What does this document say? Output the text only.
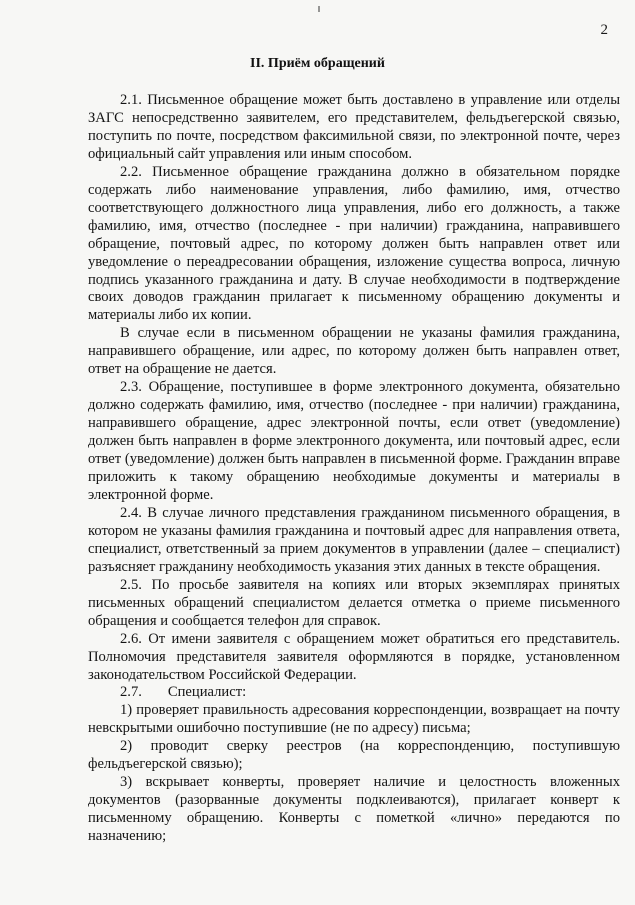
2
II. Приём обращений

2.1. Письменное обращение может быть доставлено в управление или отделы ЗАГС непосредственно заявителем, его представителем, фельдъегерской связью, поступить по почте, посредством факсимильной связи, по электронной почте, через официальный сайт управления или иным способом.

2.2. Письменное обращение гражданина должно в обязательном порядке содержать либо наименование управления, либо фамилию, имя, отчество соответствующего должностного лица управления, либо его должность, а также фамилию, имя, отчество (последнее - при наличии) гражданина, направившего обращение, почтовый адрес, по которому должен быть направлен ответ или уведомление о переадресовании обращения, изложение существа вопроса, личную подпись указанного гражданина и дату. В случае необходимости в подтверждение своих доводов гражданин прилагает к письменному обращению документы и материалы либо их копии.

В случае если в письменном обращении не указаны фамилия гражданина, направившего обращение, или адрес, по которому должен быть направлен ответ, ответ на обращение не дается.

2.3. Обращение, поступившее в форме электронного документа, обязательно должно содержать фамилию, имя, отчество (последнее - при наличии) гражданина, направившего обращение, адрес электронной почты, если ответ (уведомление) должен быть направлен в форме электронного документа, или почтовый адрес, если ответ (уведомление) должен быть направлен в письменной форме. Гражданин вправе приложить к такому обращению необходимые документы и материалы в электронной форме.

2.4. В случае личного представления гражданином письменного обращения, в котором не указаны фамилия гражданина и почтовый адрес для направления ответа, специалист, ответственный за прием документов в управлении (далее – специалист) разъясняет гражданину необходимость указания этих данных в тексте обращения.

2.5. По просьбе заявителя на копиях или вторых экземплярах принятых письменных обращений специалистом делается отметка о приеме письменного обращения и сообщается телефон для справок.

2.6. От имени заявителя с обращением может обратиться его представитель. Полномочия представителя заявителя оформляются в порядке, установленном законодательством Российской Федерации.

2.7. Специалист:

1) проверяет правильность адресования корреспонденции, возвращает на почту невскрытыми ошибочно поступившие (не по адресу) письма;

2) проводит сверку реестров (на корреспонденцию, поступившую фельдъегерской связью);

3) вскрывает конверты, проверяет наличие и целостность вложенных документов (разорванные документы подклеиваются), прилагает конверт к письменному обращению. Конверты с пометкой «лично» передаются по назначению;
